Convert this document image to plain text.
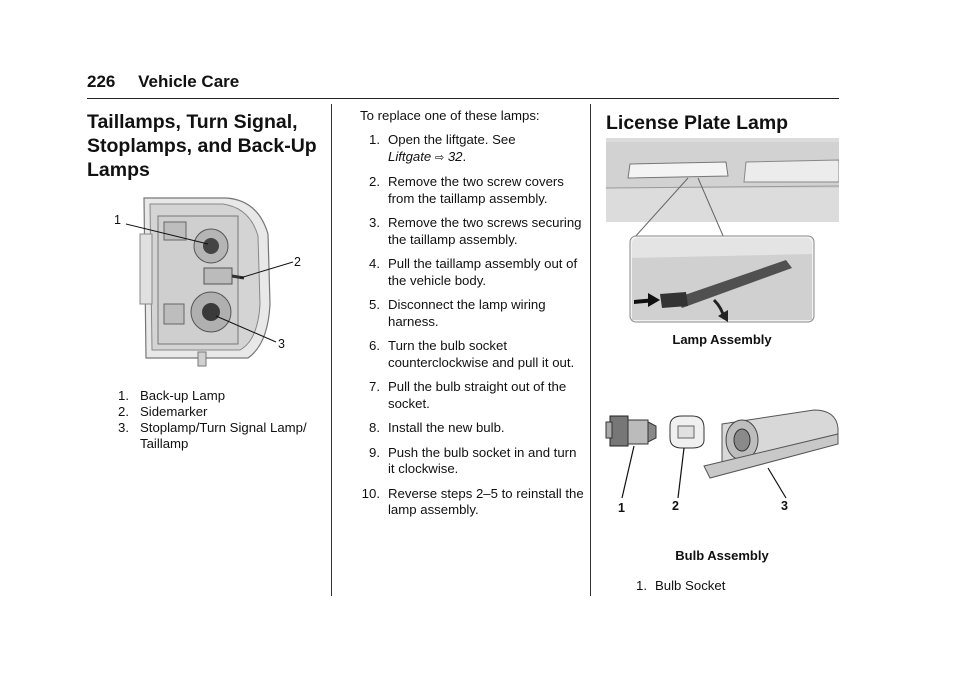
226 Vehicle Care
Taillamps, Turn Signal, Stoplamps, and Back-Up Lamps
1
2
3
1. Back-up Lamp
2. Sidemarker
3. Stoplamp/Turn Signal Lamp/ Taillamp
To replace one of these lamps:
1. Open the liftgate. See
Liftgate ⇨ 32.
2. Remove the two screw covers from the taillamp assembly.
3. Remove the two screws securing the taillamp assembly.
4. Pull the taillamp assembly out of the vehicle body.
5. Disconnect the lamp wiring harness.
6. Turn the bulb socket counterclockwise and pull it out.
7. Pull the bulb straight out of the socket.
8. Install the new bulb.
9. Push the bulb socket in and turn it clockwise.
10. Reverse steps 2–5 to reinstall the lamp assembly.
License Plate Lamp
Lamp Assembly
1	2	3
Bulb Assembly
1. Bulb Socket
